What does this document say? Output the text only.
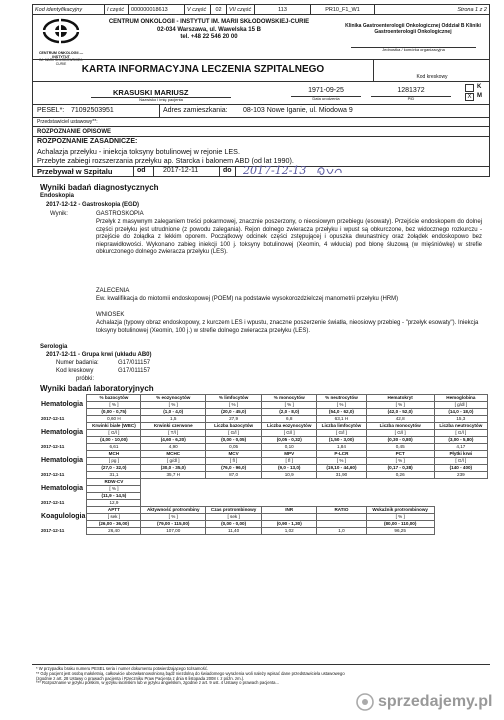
Kod identyfikacyjny	I część	000000018613	V część	02	VII część	113	PR10_F1_W1	Strona 1 z 2
CENTRUM ONKOLOGII — INSTYTUT
IM. MARII SKŁODOWSKIEJ-CURIE
CENTRUM ONKOLOGII - INSTYTUT IM. MARII SKŁODOWSKIEJ-CURIE
02-034 Warszawa, ul. Wawelska 15 B
tel. +48 22 546 20 00
Klinika Gastroenterologii Onkologicznej Oddział B Kliniki Gastroenterologii Onkologicznej
Jednostka / komórka organizacyjna
KARTA INFORMACYJNA LECZENIA SZPITALNEGO
Kod kreskowy
KRASUSKI MARIUSZ
Nazwisko i imię pacjenta
1971-09-25
Data urodzenia
1281372
PID
K
X M
PESEL*: 71092503951	Adres zamieszkania: 08-103 Nowe Iganie, ul. Miodowa 9
Przedstawiciel ustawowy**:
ROZPOZNANIE OPISOWE
ROZPOZNANIE ZASADNICZE:
Achalazja przełyku - iniekcja toksyny botulinowej w rejonie LES.
Przebyte zabiegi rozszerzania przełyku ap. Starcka i balonem ABD (od lat 1990).
Przebywał w Szpitalu	od 2017-12-11	do 2017-12-13
Wyniki badań diagnostycznych
Endoskopia
2017-12-12 - Gastroskopia (EGD)
Wynik:	GASTROSKOPIA
Przełyk z masywnym zaleganiem treści pokarmowej, znacznie poszerzony, o nieosiowym przebiegu (esowaty). Przejście endoskopem do dolnej części przełyku jest utrudnione (z powodu zalegania). Rejon dolnego zwieracza przełyku i wpust są obkurczone, bez widocznego rozkurczu - przejście do żołądka z lekkim oporem. Początkowy odcinek części zstępującej i opuszka dwunastnicy oraz żołądek endoskopowo bez nieprawidłowości. Wykonano zabieg iniekcji 100 j. toksyny botulinowej (Xeomin, 4 wkłucia) pod błonę śluzową (w mięśniówkę) w strefie obkurczonego dolnego zwieracza przełyku (LES).
ZALECENIA
Ew. kwalifikacja do miotomii endoskopowej (POEM) na podstawie wysokorozdzielczej manometrii przełyku (HRM)
WNIOSEK
Achalazja (typowy obraz endoskopowy, z kurczem LES i wpustu, znaczne poszerzenie światła, nieosiowy przebieg - "przełyk esowaty"). Iniekcja toksyny botulinowej (Xeomin, 100 j.) w strefie dolnego zwieracza przełyku (LES).
Serologia
2017-12-11 - Grupa krwi (układu AB0)
Numer badania:	G17/011157
Kod kreskowy	G17/011157
próbki:
Wyniki badań laboratoryjnych
Hematologia	% bazocytów	% eozynocytów	% limfocytów	% monocytów	% neutrocytów	Hematokryt	Hemoglobina
	[ % ]	[ % ]	[ % ]	[ % ]	[ % ]	[ % ]	[ g/dl ]
	(0,00 - 0,75)	(1,0 - 4,0)	(20,0 - 45,0)	(2,0 - 8,0)	(54,0 - 62,0)	(42,0 - 52,0)	(14,0 - 18,0)
2017-12-11	0,60 H	1,5	27,9	6,8	63,1 H	42,8	15,3
Hematologia	Krwinki białe (WBC)	Krwinki czerwone	Liczba bazocytów	Liczba eozynocytów	Liczba limfocytów	Liczba monocytów	Liczba neutrocytów
	[ G/l ]	[ T/l ]	[ G/l ]	[ G/l ]	[ G/l ]	[ G/l ]	[ G/l ]
	(4,00 - 10,00)	(4,60 - 6,20)	(0,00 - 0,05)	(0,05 - 0,32)	(1,50 - 3,00)	(0,30 - 0,80)	(3,00 - 5,80)
2017-12-11	6,61	4,90	0,05	0,10	1,84	0,45	4,17
Hematologia	MCH	MCHC	MCV	MPV	P-LCR	PCT	Płytki krwi
	[ pg ]	[ g/dl ]	[ fl ]	[ fl ]	[ % ]	[ % ]	[ G/l ]
	(27,0 - 32,0)	(30,0 - 35,0)	(76,0 - 96,0)	(9,0 - 13,0)	(19,10 - 44,60)	(0,17 - 0,38)	(140 - 400)
2017-12-11	31,1	35,7 H	87,0	10,9	31,90	0,26	239
Hematologia	RDW-CV						
	[ % ]						
	(11,9 - 14,5)						
2017-12-11	12,9						
Koagulologia	APTT	Aktywność protrombiny	Czas protrombinowy	INR	RATIO	Wskaźnik protrombinowy	
	[ sek ]	[ % ]	[ sek ]			[ % ]	
	(26,00 - 36,00)	(79,00 - 115,00)	(0,00 - 0,00)	(0,90 - 1,30)		(80,00 - 110,00)	
2017-12-11	26,40	107,00	11,40	1,02	1,0	96,25	
* W przypadku braku numeru PESEL seria i numer dokumentu potwierdzającego tożsamość.
** Gdy pacjent jest osobą małoletnią, całkowicie ubezwłasnowolnioną bądź niezdolną do świadomego wyrażenia woli należy wpisać dane przedstawiciela ustawowego
(zgodnie z art. 28 Ustawy o prawach pacjenta i Rzeczniku Praw Pacjenta z dnia 6 listopada 2008 r. z późn. zm.).
*** Rozpoznanie w języku polskim, w języku łacińskim lub w języku angielskim, zgodnie z art. 9 ust. 4 Ustawy o prawach pacjenta...
sprzedajemy.pl
